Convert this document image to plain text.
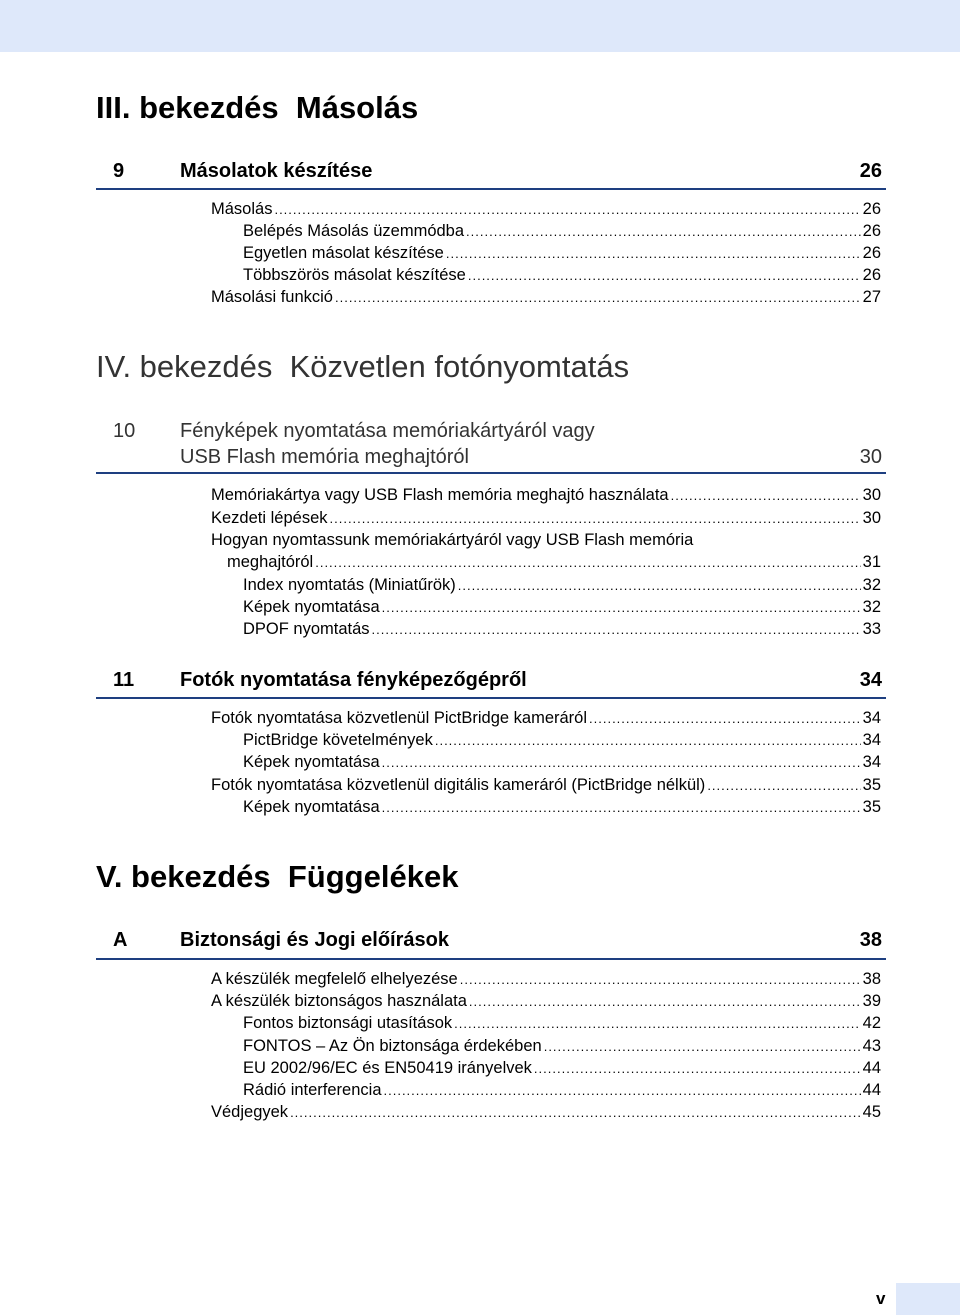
III. bekezdés Másolás
9	Másolatok készítése	26
Másolás .....	26
Belépés Másolás üzemmódba .....	26
Egyetlen másolat készítése .....	26
Többszörös másolat készítése .....	26
Másolási funkció .....	27
IV. bekezdés Közvetlen fotónyomtatás
10	Fényképek nyomtatása memóriakártyáról vagy
USB Flash memória meghajtóról	30
Memóriakártya vagy USB Flash memória meghajtó használata .....	30
Kezdeti lépések .....	30
Hogyan nyomtassunk memóriakártyáról vagy USB Flash memória
meghajtóról .....	31
Index nyomtatás (Miniatűrök) .....	32
Képek nyomtatása .....	32
DPOF nyomtatás .....	33
11	Fotók nyomtatása fényképezőgépről	34
Fotók nyomtatása közvetlenül PictBridge kameráról .....	34
PictBridge követelmények .....	34
Képek nyomtatása .....	34
Fotók nyomtatása közvetlenül digitális kameráról (PictBridge nélkül) .....	35
Képek nyomtatása .....	35
V. bekezdés Függelékek
A	Biztonsági és Jogi előírások	38
A készülék megfelelő elhelyezése .....	38
A készülék biztonságos használata .....	39
Fontos biztonsági utasítások .....	42
FONTOS – Az Ön biztonsága érdekében .....	43
EU 2002/96/EC és EN50419 irányelvek .....	44
Rádió interferencia .....	44
Védjegyek .....	45
v
